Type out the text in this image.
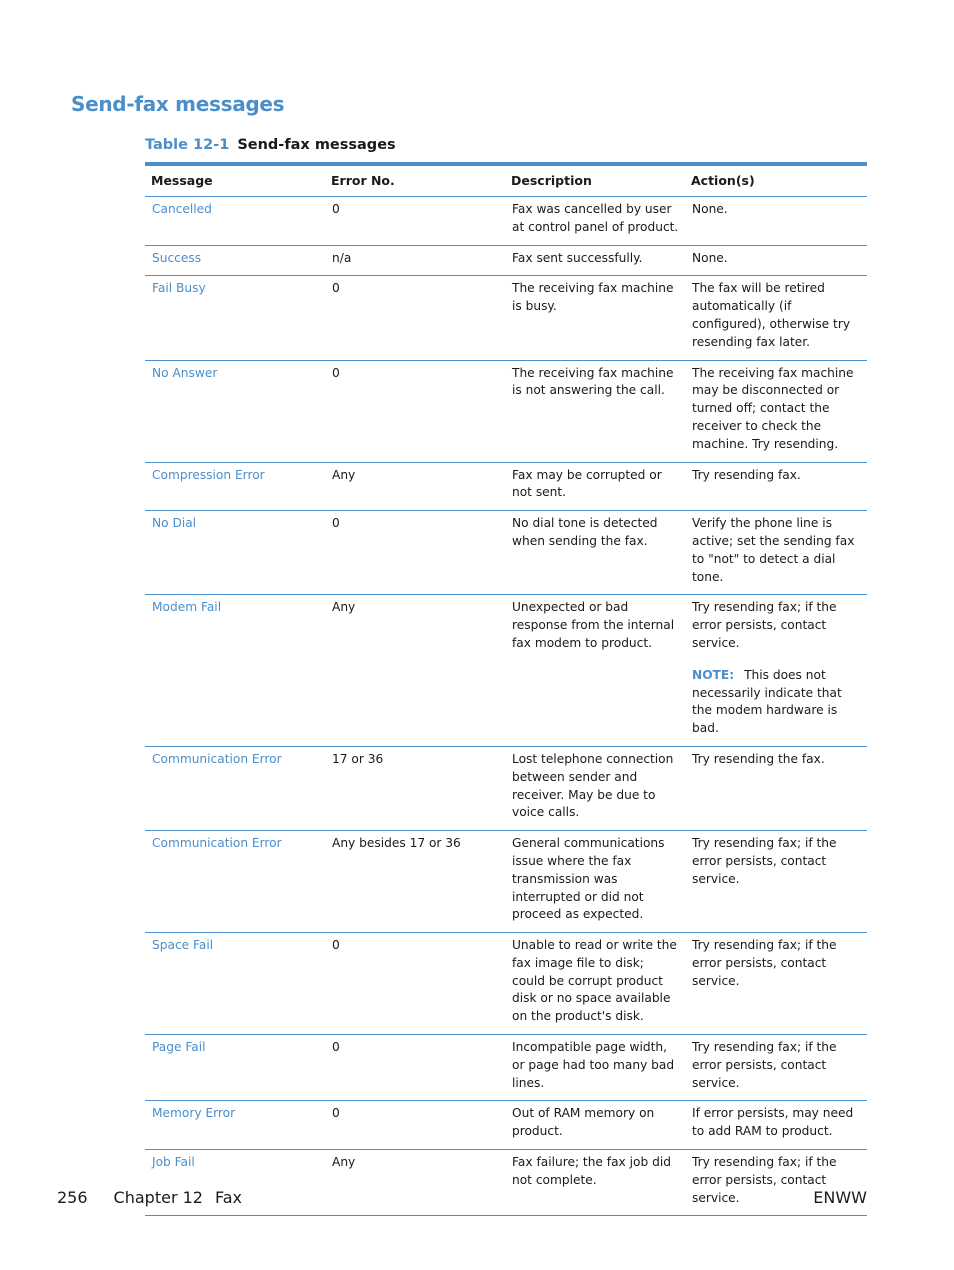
Send-fax messages
Table 12-1 Send-fax messages
Message	Error No.	Description	Action(s)
Cancelled	0	Fax was cancelled by user at control panel of product.	None.

Success	n/a	Fax sent successfully.	None.

Fail Busy	0	The receiving fax machine is busy.	The fax will be retired automatically (if configured), otherwise try resending fax later.

No Answer	0	The receiving fax machine is not answering the call.	The receiving fax machine may be disconnected or turned off; contact the receiver to check the machine. Try resending.

Compression Error	Any	Fax may be corrupted or not sent.	Try resending fax.

No Dial	0	No dial tone is detected when sending the fax.	Verify the phone line is active; set the sending fax to "not" to detect a dial tone.

Modem Fail	Any	Unexpected or bad response from the internal fax modem to product.	Try resending fax; if the error persists, contact service.
NOTE: This does not necessarily indicate that the modem hardware is bad.

Communication Error	17 or 36	Lost telephone connection between sender and receiver. May be due to voice calls.	Try resending the fax.

Communication Error	Any besides 17 or 36	General communications issue where the fax transmission was interrupted or did not proceed as expected.	Try resending fax; if the error persists, contact service.

Space Fail	0	Unable to read or write the fax image file to disk; could be corrupt product disk or no space available on the product's disk.	Try resending fax; if the error persists, contact service.

Page Fail	0	Incompatible page width, or page had too many bad lines.	Try resending fax; if the error persists, contact service.

Memory Error	0	Out of RAM memory on product.	If error persists, may need to add RAM to product.

Job Fail	Any	Fax failure; the fax job did not complete.	Try resending fax; if the error persists, contact service.
256 Chapter 12 Fax	ENWW
